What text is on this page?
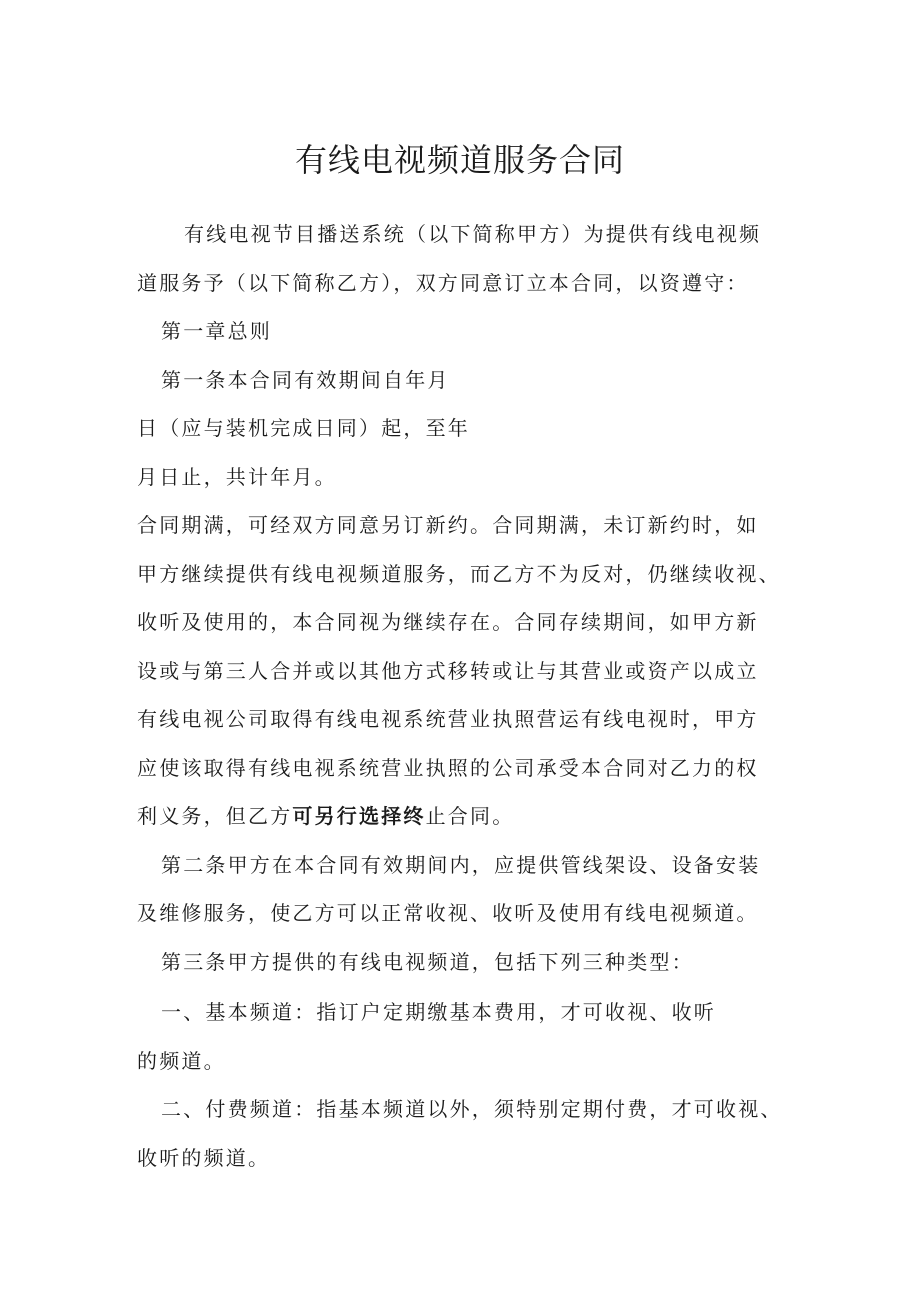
有线电视频道服务合同
有线电视节目播送系统（以下简称甲方）为提供有线电视频
道服务予（以下简称乙方），双方同意订立本合同，以资遵守：
第一章总则
第一条本合同有效期间自年月
日（应与装机完成日同）起，至年
月日止，共计年月。
合同期满，可经双方同意另订新约。合同期满，未订新约时，如
甲方继续提供有线电视频道服务，而乙方不为反对，仍继续收视、
收听及使用的，本合同视为继续存在。合同存续期间，如甲方新
设或与第三人合并或以其他方式移转或让与其营业或资产以成立
有线电视公司取得有线电视系统营业执照营运有线电视时，甲方
应使该取得有线电视系统营业执照的公司承受本合同对乙力的权
利义务，但乙方可另行选择终止合同。
第二条甲方在本合同有效期间内，应提供管线架设、设备安装
及维修服务，使乙方可以正常收视、收听及使用有线电视频道。
第三条甲方提供的有线电视频道，包括下列三种类型：
一、基本频道：指订户定期缴基本费用，才可收视、收听
的频道。
二、付费频道：指基本频道以外，须特别定期付费，才可收视、
收听的频道。
